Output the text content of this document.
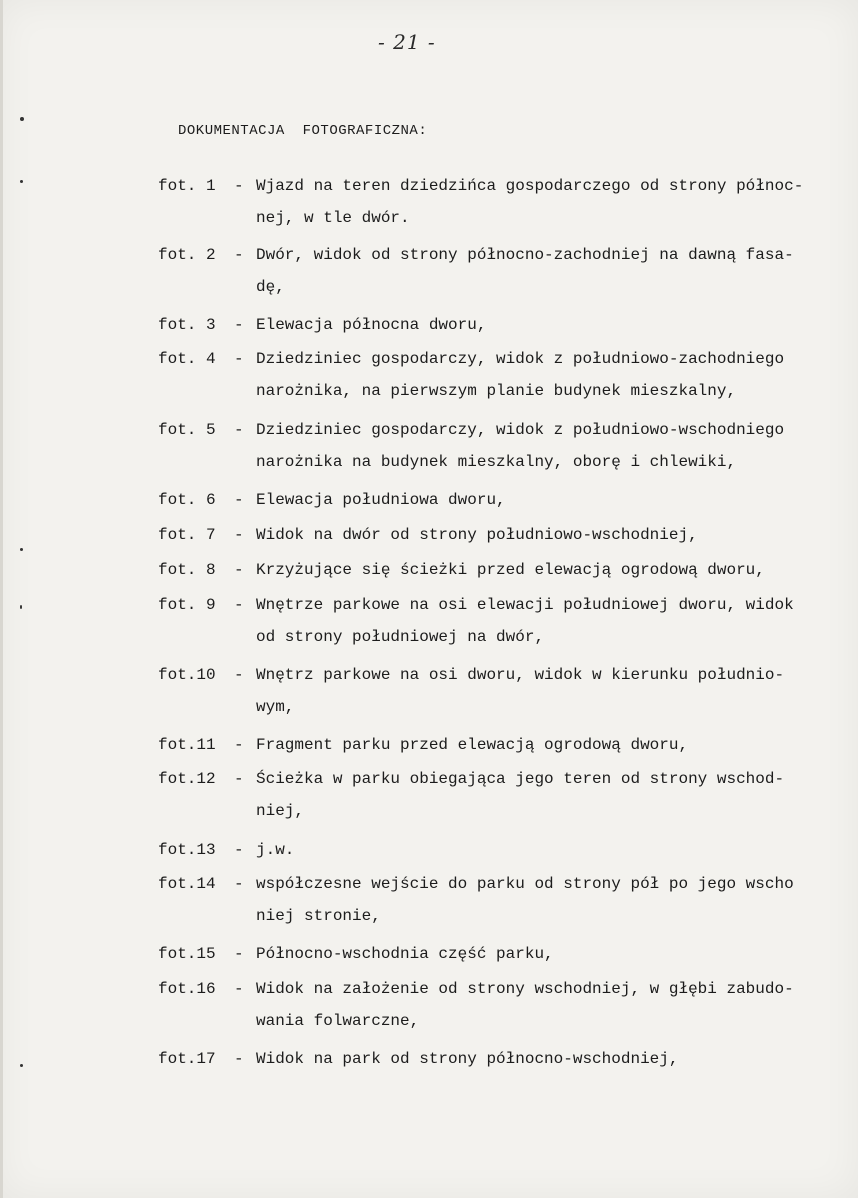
- 21 -
DOKUMENTACJA  FOTOGRAFICZNA:
fot. 1 - Wjazd na teren dziedzińca gospodarczego od strony północ-
nej, w tle dwór.
fot. 2 - Dwór, widok od strony północno-zachodniej na dawną fasa-
dę,
fot. 3 - Elewacja północna dworu,
fot. 4 - Dziedziniec gospodarczy, widok z południowo-zachodniego
narożnika, na pierwszym planie budynek mieszkalny,
fot. 5 - Dziedziniec gospodarczy, widok z południowo-wschodniego
narożnika na budynek mieszkalny, oborę i chlewiki,
fot. 6 - Elewacja południowa dworu,
fot. 7 - Widok na dwór od strony południowo-wschodniej,
fot. 8 - Krzyżujące się ścieżki przed elewacją ogrodową dworu,
fot. 9 - Wnętrze parkowe na osi elewacji południowej dworu, widok
od strony południowej na dwór,
fot.10 - Wnętrz parkowe na osi dworu, widok w kierunku południo-
wym,
fot.11 - Fragment parku przed elewacją ogrodową dworu,
fot.12 - Ścieżka w parku obiegająca jego teren od strony wschod-
niej,
fot.13 - j.w.
fot.14 - współczesne wejście do parku od strony pół po jego wscho
niej stronie,
fot.15 - Północno-wschodnia część parku,
fot.16 - Widok na założenie od strony wschodniej, w głębi zabudo-
wania folwarczne,
fot.17 - Widok na park od strony północno-wschodniej,
